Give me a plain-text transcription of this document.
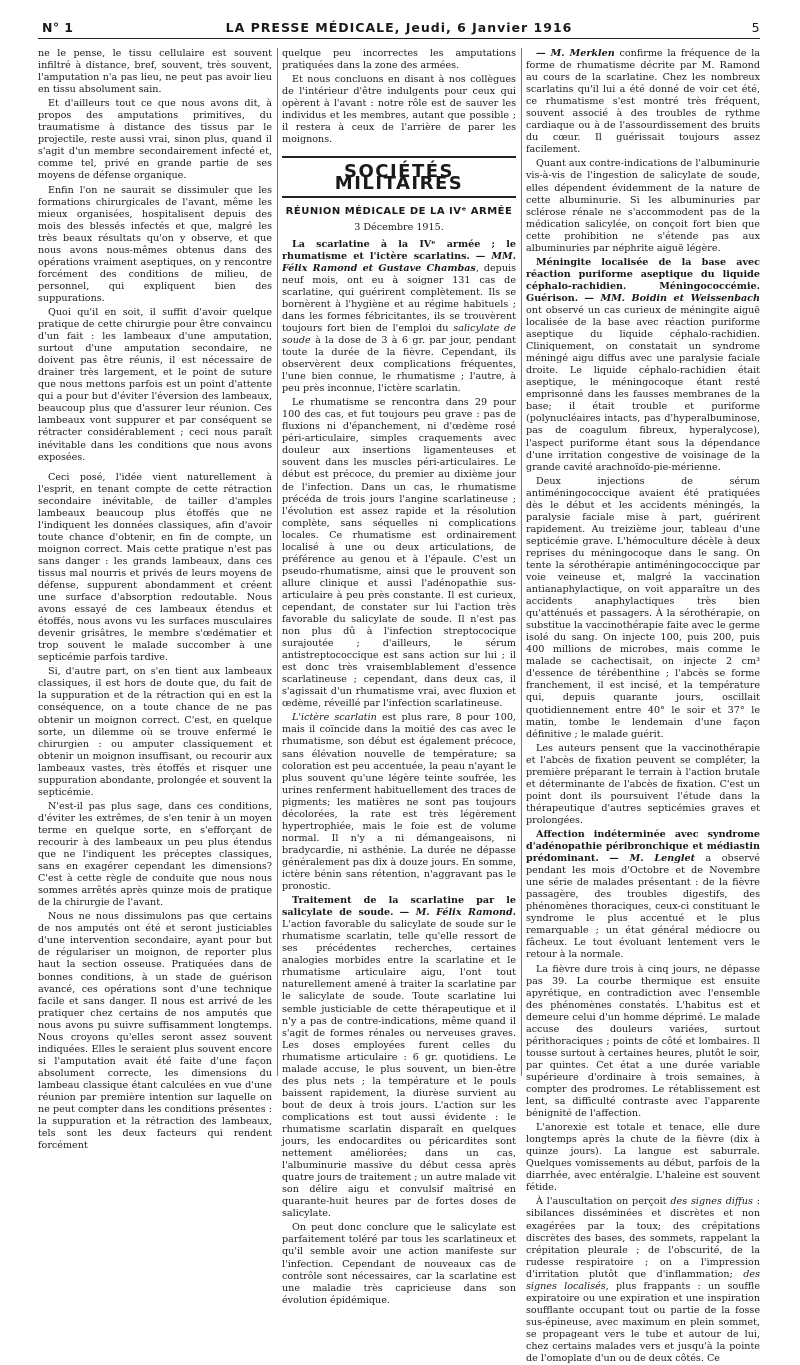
N° 1	LA PRESSE MÉDICALE, Jeudi, 6 Janvier 1916	5

ne le pense, le tissu cellulaire est souvent infiltré à distance, bref, souvent, très souvent, l'amputation n'a pas lieu, ne peut pas avoir lieu en tissu absolument sain.

Et d'ailleurs tout ce que nous avons dit, à propos des amputations primitives, du traumatisme à distance des tissus par le projectile, reste aussi vrai, sinon plus, quand il s'agit d'un membre secondairement infecté et, comme tel, privé en grande partie de ses moyens de défense organique.

Enfin l'on ne saurait se dissimuler que les formations chirurgicales de l'avant, même les mieux organisées, hospitalisent depuis des mois des blessés infectés et que, malgré les très beaux résultats qu'on y observe, et que nous avons nous-mêmes obtenus dans des opérations vraiment aseptiques, on y rencontre forcément des conditions de milieu, de personnel, qui expliquent bien des suppurations.

Quoi qu'il en soit, il suffit d'avoir quelque pratique de cette chirurgie pour être convaincu d'un fait : les lambeaux d'une amputation, surtout d'une amputation secondaire, ne doivent pas être réunis, il est nécessaire de drainer très largement, et le point de suture que nous mettons parfois est un point d'attente qui a pour but d'éviter l'éversion des lambeaux, beaucoup plus que d'assurer leur réunion. Ces lambeaux vont suppurer et par conséquent se rétracter considérablement ; ceci nous paraît inévitable dans les conditions que nous avons exposées.

Ceci posé, l'idée vient naturellement à l'esprit, en tenant compte de cette rétraction secondaire inévitable, de tailler d'amples lambeaux beaucoup plus étoffés que ne l'indiquent les données classiques, afin d'avoir toute chance d'obtenir, en fin de compte, un moignon correct. Mais cette pratique n'est pas sans danger : les grands lambeaux, dans ces tissus mal nourris et privés de leurs moyens de défense, suppurent abondamment et créent une surface d'absorption redoutable. Nous avons essayé de ces lambeaux étendus et étoffés, nous avons vu les surfaces musculaires devenir grisâtres, le membre s'œdématier et trop souvent le malade succomber à une septicémie parfois tardive.

Si, d'autre part, on s'en tient aux lambeaux classiques, il est hors de doute que, du fait de la suppuration et de la rétraction qui en est la conséquence, on a toute chance de ne pas obtenir un moignon correct. C'est, en quelque sorte, un dilemme où se trouve enfermé le chirurgien : ou amputer classiquement et obtenir un moignon insuffisant, ou recourir aux lambeaux vastes, très étoffés et risquer une suppuration abondante, prolongée et souvent la septicémie.

N'est-il pas plus sage, dans ces conditions, d'éviter les extrêmes, de s'en tenir à un moyen terme en quelque sorte, en s'efforçant de recourir à des lambeaux un peu plus étendus que ne l'indiquent les préceptes classiques, sans en exagérer cependant les dimensions? C'est à cette règle de conduite que nous nous sommes arrêtés après quinze mois de pratique de la chirurgie de l'avant.

Nous ne nous dissimulons pas que certains de nos amputés ont été et seront justiciables d'une intervention secondaire, ayant pour but de régulariser un moignon, de reporter plus haut la section osseuse. Pratiquées dans de bonnes conditions, à un stade de guérison avancé, ces opérations sont d'une technique facile et sans danger. Il nous est arrivé de les pratiquer chez certains de nos amputés que nous avons pu suivre suffisamment longtemps. Nous croyons qu'elles seront assez souvent indiquées. Elles le seraient plus souvent encore si l'amputation avait été faite d'une façon absolument correcte, les dimensions du lambeau classique étant calculées en vue d'une réunion par première intention sur laquelle on ne peut compter dans les conditions présentes : la suppuration et la rétraction des lambeaux, tels sont les deux facteurs qui rendent forcément

quelque peu incorrectes les amputations pratiquées dans la zone des armées.

Et nous concluons en disant à nos collègues de l'intérieur d'être indulgents pour ceux qui opèrent à l'avant : notre rôle est de sauver les individus et les membres, autant que possible ; il restera à ceux de l'arrière de parer les moignons.

SOCIÉTÉS MILITAIRES
RÉUNION MÉDICALE DE LA IVᵉ ARMÉE
3 Décembre 1915.

La scarlatine à la IVᵉ armée ; le rhumatisme et l'ictère scarlatins. — MM. Félix Ramond et Gustave Chambas, depuis neuf mois, ont eu à soigner 131 cas de scarlatine, qui guérirent complètement. Ils se bornèrent à l'hygiène et au régime habituels ; dans les formes fébricitantes, ils se trouvèrent toujours fort bien de l'emploi du salicylate de soude à la dose de 3 à 6 gr. par jour, pendant toute la durée de la fièvre. Cependant, ils observèrent deux complications fréquentes, l'une bien connue, le rhumatisme ; l'autre, à peu près inconnue, l'ictère scarlatin.

Le rhumatisme se rencontra dans 29 pour 100 des cas, et fut toujours peu grave : pas de fluxions ni d'épanchement, ni d'œdème rosé péri-articulaire, simples craquements avec douleur aux insertions ligamenteuses et souvent dans les muscles péri-articulaires. Le début est précoce, du premier au dixième jour de l'infection. Dans un cas, le rhumatisme précéda de trois jours l'angine scarlatineuse ; l'évolution est assez rapide et la résolution complète, sans séquelles ni complications locales. Ce rhumatisme est ordinairement localisé à une ou deux articulations, de préférence au genou et à l'épaule. C'est un pseudo-rhumatisme, ainsi que le prouvent son allure clinique et aussi l'adénopathie sus-articulaire à peu près constante. Il est curieux, cependant, de constater sur lui l'action très favorable du salicylate de soude. Il n'est pas non plus dû à l'infection streptococique surajoutée ; d'ailleurs, le sérum antistreptococcique est sans action sur lui ; il est donc très vraisemblablement d'essence scarlatineuse ; cependant, dans deux cas, il s'agissait d'un rhumatisme vrai, avec fluxion et œdème, réveillé par l'infection scarlatineuse.

L'ictère scarlatin est plus rare, 8 pour 100, mais il coïncide dans la moitié des cas avec le rhumatisme, son début est également précoce, sans élévation nouvelle de température; sa coloration est peu accentuée, la peau n'ayant le plus souvent qu'une légère teinte soufrée, les urines renferment habituellement des traces de pigments; les matières ne sont pas toujours décolorées, la rate est très légèrement hypertrophiée, mais le foie est de volume normal. Il n'y a ni démangeaisons, ni bradycardie, ni asthénie. La durée ne dépasse généralement pas dix à douze jours. En somme, ictère bénin sans rétention, n'aggravant pas le pronostic.

Traitement de la scarlatine par le salicylate de soude. — M. Félix Ramond. L'action favorable du salicylate de soude sur le rhumatisme scarlatin, telle qu'elle ressort de ses précédentes recherches, certaines analogies morbides entre la scarlatine et le rhumatisme articulaire aigu, l'ont tout naturellement amené à traiter la scarlatine par le salicylate de soude. Toute scarlatine lui semble justiciable de cette thérapeutique et il n'y a pas de contre-indications, même quand il s'agit de formes rénales ou nerveuses graves. Les doses employées furent celles du rhumatisme articulaire : 6 gr. quotidiens. Le malade accuse, le plus souvent, un bien-être des plus nets ; la température et le pouls baissent rapidement, la diurèse survient au bout de deux à trois jours. L'action sur les complications est tout aussi évidente : le rhumatisme scarlatin disparaît en quelques jours, les endocardites ou péricardites sont nettement améliorées; dans un cas, l'albuminurie massive du début cessa après quatre jours de traitement ; un autre malade vit son délire aigu et convulsif maîtrisé en quarante-huit heures par de fortes doses de salicylate.

On peut donc conclure que le salicylate est parfaitement toléré par tous les scarlatineux et qu'il semble avoir une action manifeste sur l'infection. Cependant de nouveaux cas de contrôle sont nécessaires, car la scarlatine est une maladie très capricieuse dans son évolution épidémique.

— M. Merklen confirme la fréquence de la forme de rhumatisme décrite par M. Ramond au cours de la scarlatine. Chez les nombreux scarlatins qu'il lui a été donné de voir cet été, ce rhumatisme s'est montré très fréquent, souvent associé à des troubles de rythme cardiaque ou à de l'assourdissement des bruits du cœur. Il guérissait toujours assez facilement.

Quant aux contre-indications de l'albuminurie vis-à-vis de l'ingestion de salicylate de soude, elles dépendent évidemment de la nature de cette albuminurie. Si les albuminuries par sclérose rénale ne s'accommodent pas de la médication salicylée, on conçoit fort bien que cette prohibition ne s'étende pas aux albuminuries par néphrite aiguë légère.

Méningite localisée de la base avec réaction puriforme aseptique du liquide céphalo-rachidien. Méningococcémie. Guérison. — MM. Boidin et Weissenbach ont observé un cas curieux de méningite aiguë localisée de la base avec réaction puriforme aseptique du liquide céphalo-rachidien. Cliniquement, on constatait un syndrome méningé aigu diffus avec une paralysie faciale droite. Le liquide céphalo-rachidien était aseptique, le méningocoque étant resté emprisonné dans les fausses membranes de la base; il était trouble et puriforme (polynucléaires intacts, pas d'hyperalbuminose, pas de coagulum fibreux, hyperalycose), l'aspect puriforme étant sous la dépendance d'une irritation congestive de voisinage de la grande cavité arachnoïdo-pie-mérienne.

Deux injections de sérum antiméningococcique avaient été pratiquées dès le début et les accidents méningés, la paralysie faciale mise à part, guérirent rapidement. Au treizième jour, tableau d'une septicémie grave. L'hémoculture décèle à deux reprises du méningocoque dans le sang. On tente la sérothérapie antiméningococcique par voie veineuse et, malgré la vaccination antianaphylactique, on voit apparaître un des accidents anaphylactiques très bien qu'atténués et passagers. À la sérothérapie, on substitue la vaccinothérapie faite avec le germe isolé du sang. On injecte 100, puis 200, puis 400 millions de microbes, mais comme le malade se cachectisait, on injecte 2 cm³ d'essence de térébenthine ; l'abcès se forme franchement, il est incisé, et la température qui, depuis quarante jours, oscillait quotidiennement entre 40° le soir et 37° le matin, tombe le lendemain d'une façon définitive ; le malade guérit.

Les auteurs pensent que la vaccinothérapie et l'abcès de fixation peuvent se compléter, la première préparant le terrain à l'action brutale et déterminante de l'abcès de fixation. C'est un point dont ils poursuivent l'étude dans la thérapeutique d'autres septicémies graves et prolongées.

Affection indéterminée avec syndrome d'adénopathie péribronchique et médiastin prédominant. — M. Lenglet a observé pendant les mois d'Octobre et de Novembre une série de malades présentant : de la fièvre passagère, des troubles digestifs, des phénomènes thoraciques, ceux-ci constituant le syndrome le plus accentué et le plus remarquable ; un état général médiocre ou fâcheux. Le tout évoluant lentement vers le retour à la normale.

La fièvre dure trois à cinq jours, ne dépasse pas 39. La courbe thermique est ensuite apyrétique, en contradiction avec l'ensemble des phénomènes constatés. L'habitus est et demeure celui d'un homme déprimé. Le malade accuse des douleurs variées, surtout périthoraciques ; points de côté et lombaires. Il tousse surtout à certaines heures, plutôt le soir, par quintes. Cet état a une durée variable supérieure d'ordinaire à trois semaines, à compter des prodromes. Le rétablissement est lent, sa difficulté contraste avec l'apparente bénignité de l'affection.

L'anorexie est totale et tenace, elle dure longtemps après la chute de la fièvre (dix à quinze jours). La langue est saburrale. Quelques vomissements au début, parfois de la diarrhée, avec entéralgie. L'haleine est souvent fétide.

À l'auscultation on perçoit des signes diffus : sibilances disséminées et discrètes et non exagérées par la toux; des crépitations discrètes des bases, des sommets, rappelant la crépitation pleurale ; de l'obscurité, de la rudesse respiratoire ; on a l'impression d'irritation plutôt que d'inflammation; des signes localisés, plus frappants : un souffle expiratoire ou une expiration et une inspiration soufflante occupant tout ou partie de la fosse sus-épineuse, avec maximum en plein sommet, se propageant vers le tube et autour de lui, chez certains malades vers et jusqu'à la pointe de l'omoplate d'un ou de deux côtés. Ce
